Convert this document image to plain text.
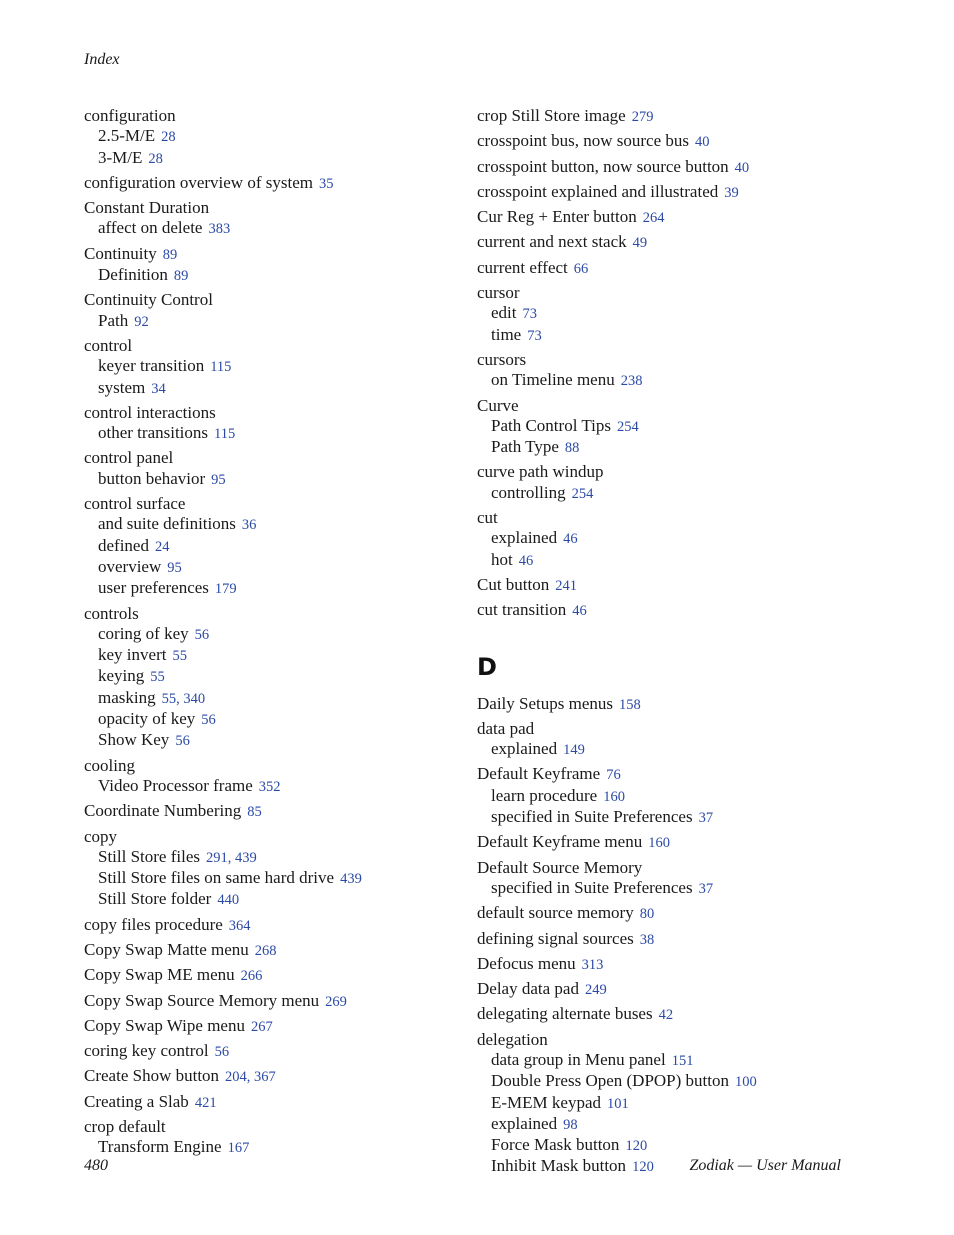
Index
configuration
2.5-M/E 28
3-M/E 28
configuration overview of system 35
Constant Duration
affect on delete 383
Continuity 89
Definition 89
Continuity Control
Path 92
control
keyer transition 115
system 34
control interactions
other transitions 115
control panel
button behavior 95
control surface
and suite definitions 36
defined 24
overview 95
user preferences 179
controls
coring of key 56
key invert 55
keying 55
masking 55, 340
opacity of key 56
Show Key 56
cooling
Video Processor frame 352
Coordinate Numbering 85
copy
Still Store files 291, 439
Still Store files on same hard drive 439
Still Store folder 440
copy files procedure 364
Copy Swap Matte menu 268
Copy Swap ME menu 266
Copy Swap Source Memory menu 269
Copy Swap Wipe menu 267
coring key control 56
Create Show button 204, 367
Creating a Slab 421
crop default
Transform Engine 167
crop Still Store image 279
crosspoint bus, now source bus 40
crosspoint button, now source button 40
crosspoint explained and illustrated 39
Cur Reg + Enter button 264
current and next stack 49
current effect 66
cursor
edit 73
time 73
cursors
on Timeline menu 238
Curve
Path Control Tips 254
Path Type 88
curve path windup
controlling 254
cut
explained 46
hot 46
Cut button 241
cut transition 46
D
Daily Setups menus 158
data pad
explained 149
Default Keyframe 76
learn procedure 160
specified in Suite Preferences 37
Default Keyframe menu 160
Default Source Memory
specified in Suite Preferences 37
default source memory 80
defining signal sources 38
Defocus menu 313
Delay data pad 249
delegating alternate buses 42
delegation
data group in Menu panel 151
Double Press Open (DPOP) button 100
E-MEM keypad 101
explained 98
Force Mask button 120
Inhibit Mask button 120
480	Zodiak — User Manual
